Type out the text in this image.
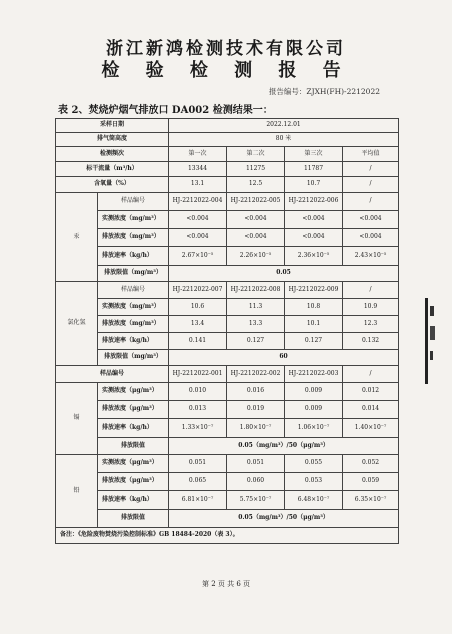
浙江新鸿检测技术有限公司
检 验 检 测 报 告
报告编号：ZJXH(FH)-2212022
表 2、焚烧炉烟气排放口 DA002 检测结果一：
采样日期		2022.12.01			
排气筒高度		80 米			
检测频次		第一次	第二次	第三次	平均值
标干流量（m³/h）		13344	11275	11787	/
含氧量（%）		13.1	12.5	10.7	/
汞	样品编号	HJ-2212022-004	HJ-2212022-005	HJ-2212022-006	/
	实测浓度（mg/m³）	<0.004	<0.004	<0.004	<0.004
	排放浓度（mg/m³）	<0.004	<0.004	<0.004	<0.004
	排放速率（kg/h）	2.67×10⁻⁵	2.26×10⁻⁵	2.36×10⁻⁵	2.43×10⁻⁵
	排放限值（mg/m³）	0.05			
氯化氢	样品编号	HJ-2212022-007	HJ-2212022-008	HJ-2212022-009	/
	实测浓度（mg/m³）	10.6	11.3	10.8	10.9
	排放浓度（mg/m³）	13.4	13.3	10.1	12.3
	排放速率（kg/h）	0.141	0.127	0.127	0.132
	排放限值（mg/m³）	60			
样品编号		HJ-2212022-001	HJ-2212022-002	HJ-2212022-003	/
镉	实测浓度（μg/m³）	0.010	0.016	0.009	0.012
	排放浓度（μg/m³）	0.013	0.019	0.009	0.014
	排放速率（kg/h）	1.33×10⁻⁷	1.80×10⁻⁷	1.06×10⁻⁷	1.40×10⁻⁷
	排放限值	0.05（mg/m³）/50（μg/m³）			
铅	实测浓度（μg/m³）	0.051	0.051	0.055	0.052
	排放浓度（μg/m³）	0.065	0.060	0.053	0.059
	排放速率（kg/h）	6.81×10⁻⁷	5.75×10⁻⁷	6.48×10⁻⁷	6.35×10⁻⁷
	排放限值	0.05（mg/m³）/50（μg/m³）			
备注：《危险废物焚烧污染控制标准》GB 18484-2020（表 3）。					
第 2 页 共 6 页
